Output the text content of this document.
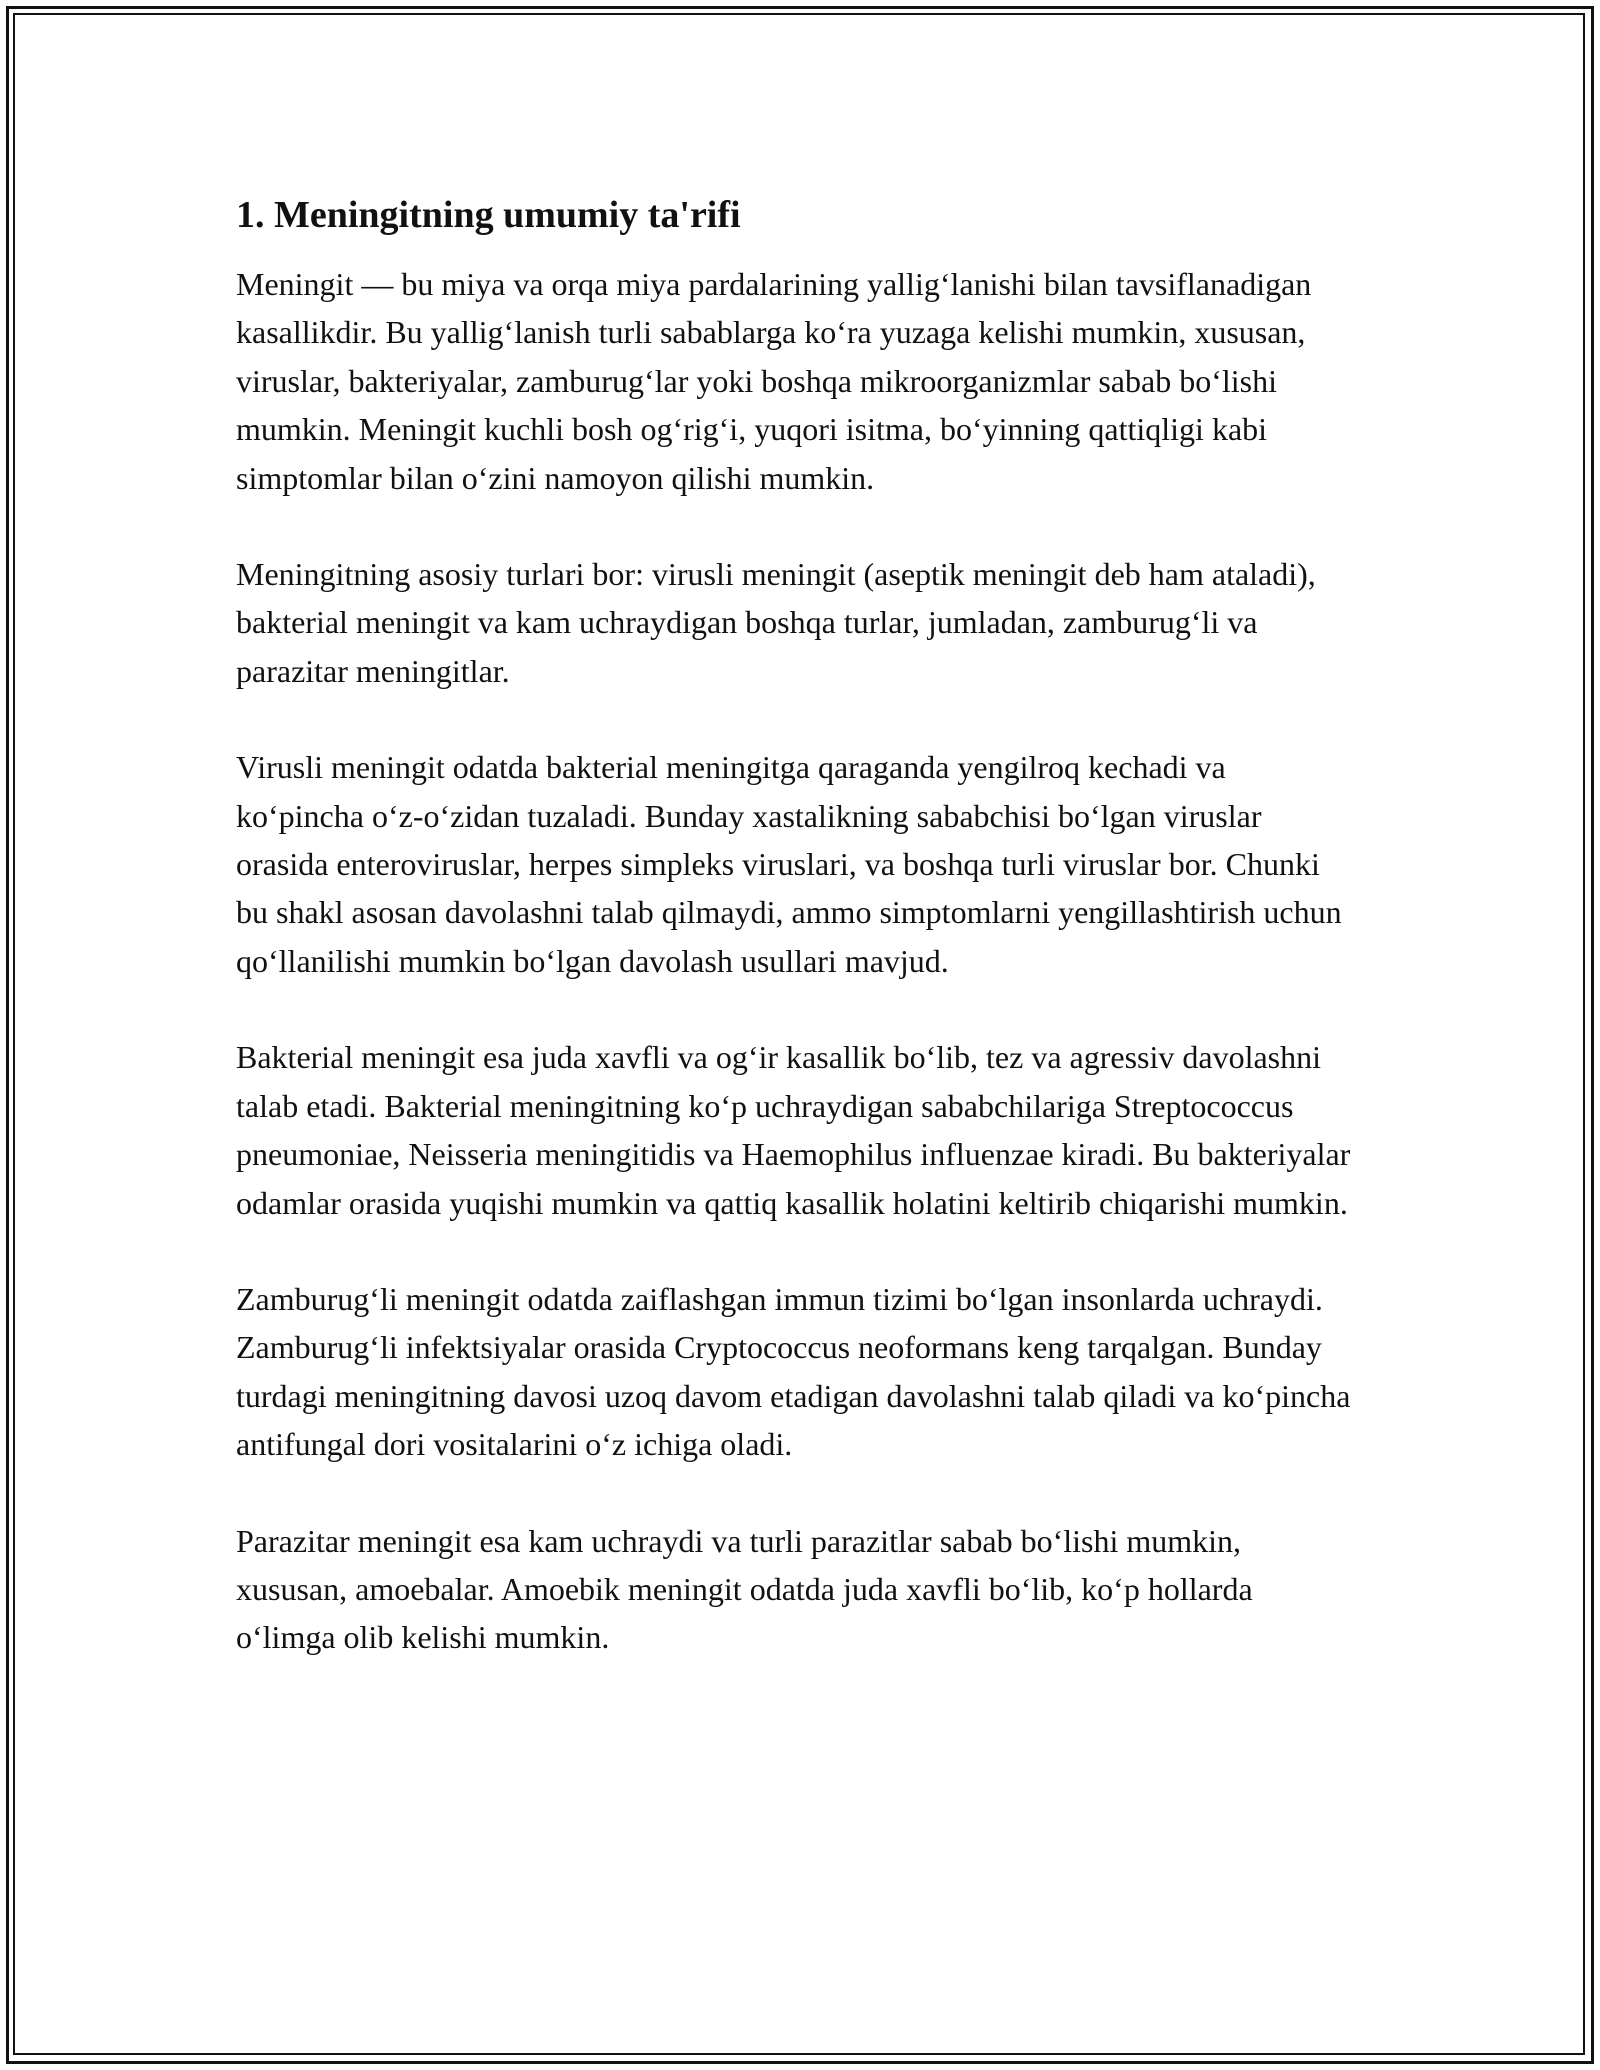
1. Meningitning umumiy ta'rifi

Meningit — bu miya va orqa miya pardalarining yallig‘lanishi bilan tavsiflanadigan kasallikdir. Bu yallig‘lanish turli sabablarga ko‘ra yuzaga kelishi mumkin, xususan, viruslar, bakteriyalar, zamburug‘lar yoki boshqa mikroorganizmlar sabab bo‘lishi mumkin. Meningit kuchli bosh og‘rig‘i, yuqori isitma, bo‘yinning qattiqligi kabi simptomlar bilan o‘zini namoyon qilishi mumkin.

Meningitning asosiy turlari bor: virusli meningit (aseptik meningit deb ham ataladi), bakterial meningit va kam uchraydigan boshqa turlar, jumladan, zamburug‘li va parazitar meningitlar.

Virusli meningit odatda bakterial meningitga qaraganda yengilroq kechadi va ko‘pincha o‘z-o‘zidan tuzaladi. Bunday xastalikning sababchisi bo‘lgan viruslar orasida enteroviruslar, herpes simpleks viruslari, va boshqa turli viruslar bor. Chunki bu shakl asosan davolashni talab qilmaydi, ammo simptomlarni yengillashtirish uchun qo‘llanilishi mumkin bo‘lgan davolash usullari mavjud.

Bakterial meningit esa juda xavfli va og‘ir kasallik bo‘lib, tez va agressiv davolashni talab etadi. Bakterial meningitning ko‘p uchraydigan sababchilariga Streptococcus pneumoniae, Neisseria meningitidis va Haemophilus influenzae kiradi. Bu bakteriyalar odamlar orasida yuqishi mumkin va qattiq kasallik holatini keltirib chiqarishi mumkin.

Zamburug‘li meningit odatda zaiflashgan immun tizimi bo‘lgan insonlarda uchraydi. Zamburug‘li infektsiyalar orasida Cryptococcus neoformans keng tarqalgan. Bunday turdagi meningitning davosi uzoq davom etadigan davolashni talab qiladi va ko‘pincha antifungal dori vositalarini o‘z ichiga oladi.

Parazitar meningit esa kam uchraydi va turli parazitlar sabab bo‘lishi mumkin, xususan, amoebalar. Amoebik meningit odatda juda xavfli bo‘lib, ko‘p hollarda o‘limga olib kelishi mumkin.
